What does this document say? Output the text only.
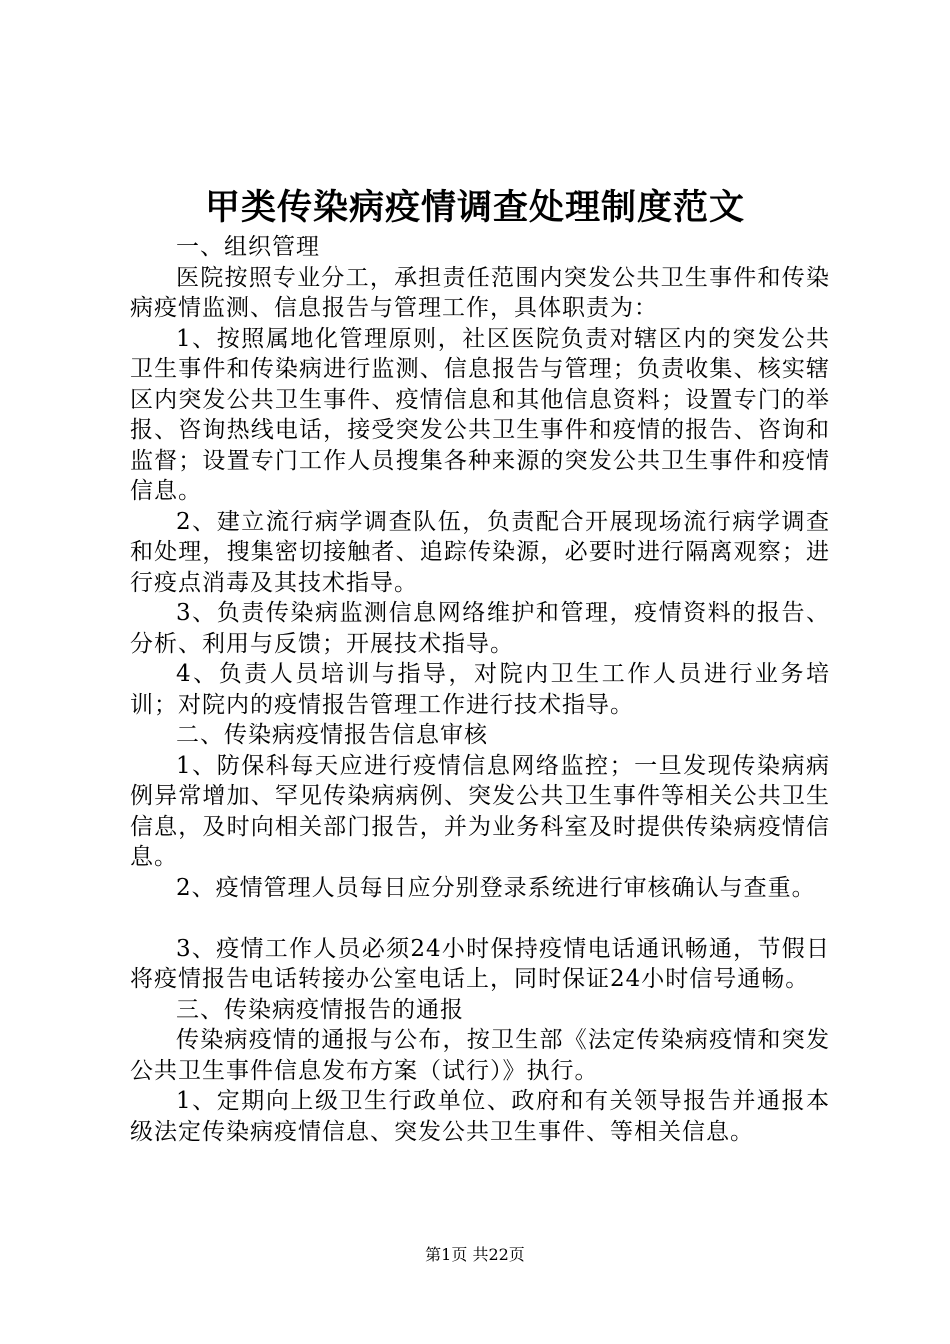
甲类传染病疫情调查处理制度范文

一、组织管理

医院按照专业分工，承担责任范围内突发公共卫生事件和传染病疫情监测、信息报告与管理工作，具体职责为：

1、按照属地化管理原则，社区医院负责对辖区内的突发公共卫生事件和传染病进行监测、信息报告与管理；负责收集、核实辖区内突发公共卫生事件、疫情信息和其他信息资料；设置专门的举报、咨询热线电话，接受突发公共卫生事件和疫情的报告、咨询和监督；设置专门工作人员搜集各种来源的突发公共卫生事件和疫情信息。

2、建立流行病学调查队伍，负责配合开展现场流行病学调查和处理，搜集密切接触者、追踪传染源，必要时进行隔离观察；进行疫点消毒及其技术指导。

3、负责传染病监测信息网络维护和管理，疫情资料的报告、分析、利用与反馈；开展技术指导。

4、负责人员培训与指导，对院内卫生工作人员进行业务培训；对院内的疫情报告管理工作进行技术指导。

二、传染病疫情报告信息审核

1、防保科每天应进行疫情信息网络监控；一旦发现传染病病例异常增加、罕见传染病病例、突发公共卫生事件等相关公共卫生信息，及时向相关部门报告，并为业务科室及时提供传染病疫情信息。

2、疫情管理人员每日应分别登录系统进行审核确认与查重。

3、疫情工作人员必须24小时保持疫情电话通讯畅通，节假日将疫情报告电话转接办公室电话上，同时保证24小时信号通畅。

三、传染病疫情报告的通报

传染病疫情的通报与公布，按卫生部《法定传染病疫情和突发公共卫生事件信息发布方案（试行）》执行。

1、定期向上级卫生行政单位、政府和有关领导报告并通报本级法定传染病疫情信息、突发公共卫生事件、等相关信息。

第1页 共22页
